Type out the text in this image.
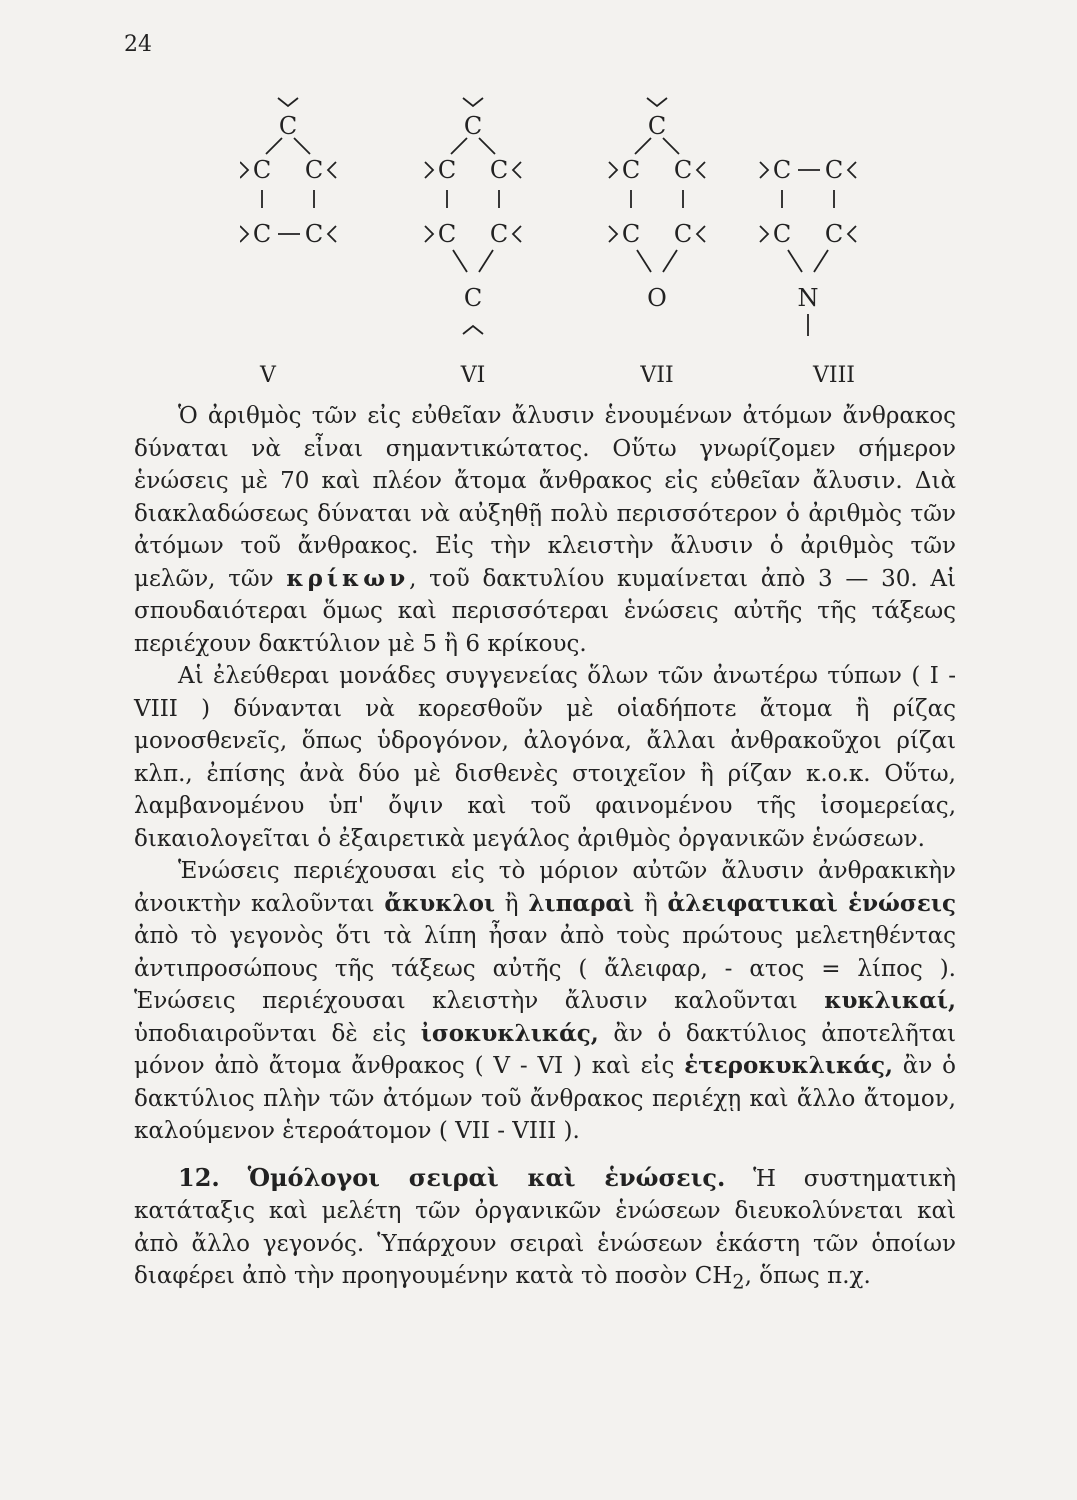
24
C
C C
C C
C
C C
C C
C
C
C C
C C
O
C C
C C
N
V	VI	VII	VIII

Ὁ ἀριθμὸς τῶν εἰς εὐθεῖαν ἄλυσιν ἑνουμένων ἀτόμων ἄνθρακος δύναται νὰ εἶναι σημαντικώτατος. Οὕτω γνωρίζομεν σήμερον ἑνώσεις μὲ 70 καὶ πλέον ἄτομα ἄνθρακος εἰς εὐθεῖαν ἄλυσιν. Διὰ διακλαδώσεως δύναται νὰ αὐξηθῇ πολὺ περισσότερον ὁ ἀριθμὸς τῶν ἀτόμων τοῦ ἄνθρακος. Εἰς τὴν κλειστὴν ἄλυσιν ὁ ἀριθμὸς τῶν μελῶν, τῶν κρίκων, τοῦ δακτυλίου κυμαίνεται ἀπὸ 3 — 30. Αἱ σπουδαιότεραι ὅμως καὶ περισσότεραι ἑνώσεις αὐτῆς τῆς τάξεως περιέχουν δακτύλιον μὲ 5 ἢ 6 κρίκους.

Αἱ ἐλεύθεραι μονάδες συγγενείας ὅλων τῶν ἀνωτέρω τύπων ( I - VIII ) δύνανται νὰ κορεσθοῦν μὲ οἱαδήποτε ἄτομα ἢ ρίζας μονοσθενεῖς, ὅπως ὑδρογόνον, ἀλογόνα, ἄλλαι ἀνθρακοῦχοι ρίζαι κλπ., ἐπίσης ἀνὰ δύο μὲ δισθενὲς στοιχεῖον ἢ ρίζαν κ.ο.κ. Οὕτω, λαμβανομένου ὑπ' ὄψιν καὶ τοῦ φαινομένου τῆς ἰσομερείας, δικαιολογεῖται ὁ ἐξαιρετικὰ μεγάλος ἀριθμὸς ὀργανικῶν ἑνώσεων.

Ἑνώσεις περιέχουσαι εἰς τὸ μόριον αὐτῶν ἄλυσιν ἀνθρακικὴν ἀνοικτὴν καλοῦνται ἄκυκλοι ἢ λιπαραὶ ἢ ἀλειφατικαὶ ἑνώσεις ἀπὸ τὸ γεγονὸς ὅτι τὰ λίπη ἦσαν ἀπὸ τοὺς πρώτους μελετηθέντας ἀντιπροσώπους τῆς τάξεως αὐτῆς ( ἄλειφαρ, - ατος = λίπος ). Ἑνώσεις περιέχουσαι κλειστὴν ἄλυσιν καλοῦνται κυκλικαί, ὑποδιαιροῦνται δὲ εἰς ἰσοκυκλικάς, ἂν ὁ δακτύλιος ἀποτελῆται μόνον ἀπὸ ἄτομα ἄνθρακος ( V - VI ) καὶ εἰς ἑτεροκυκλικάς, ἂν ὁ δακτύλιος πλὴν τῶν ἀτόμων τοῦ ἄνθρακος περιέχῃ καὶ ἄλλο ἄτομον, καλούμενον ἑτεροάτομον ( VII - VIII ).

12. Ὁμόλογοι σειραὶ καὶ ἑνώσεις. Ἡ συστηματικὴ κατάταξις καὶ μελέτη τῶν ὀργανικῶν ἑνώσεων διευκολύνεται καὶ ἀπὸ ἄλλο γεγονός. Ὑπάρχουν σειραὶ ἑνώσεων ἑκάστη τῶν ὁποίων διαφέρει ἀπὸ τὴν προηγουμένην κατὰ τὸ ποσὸν $CH_2$, ὅπως π.χ.
